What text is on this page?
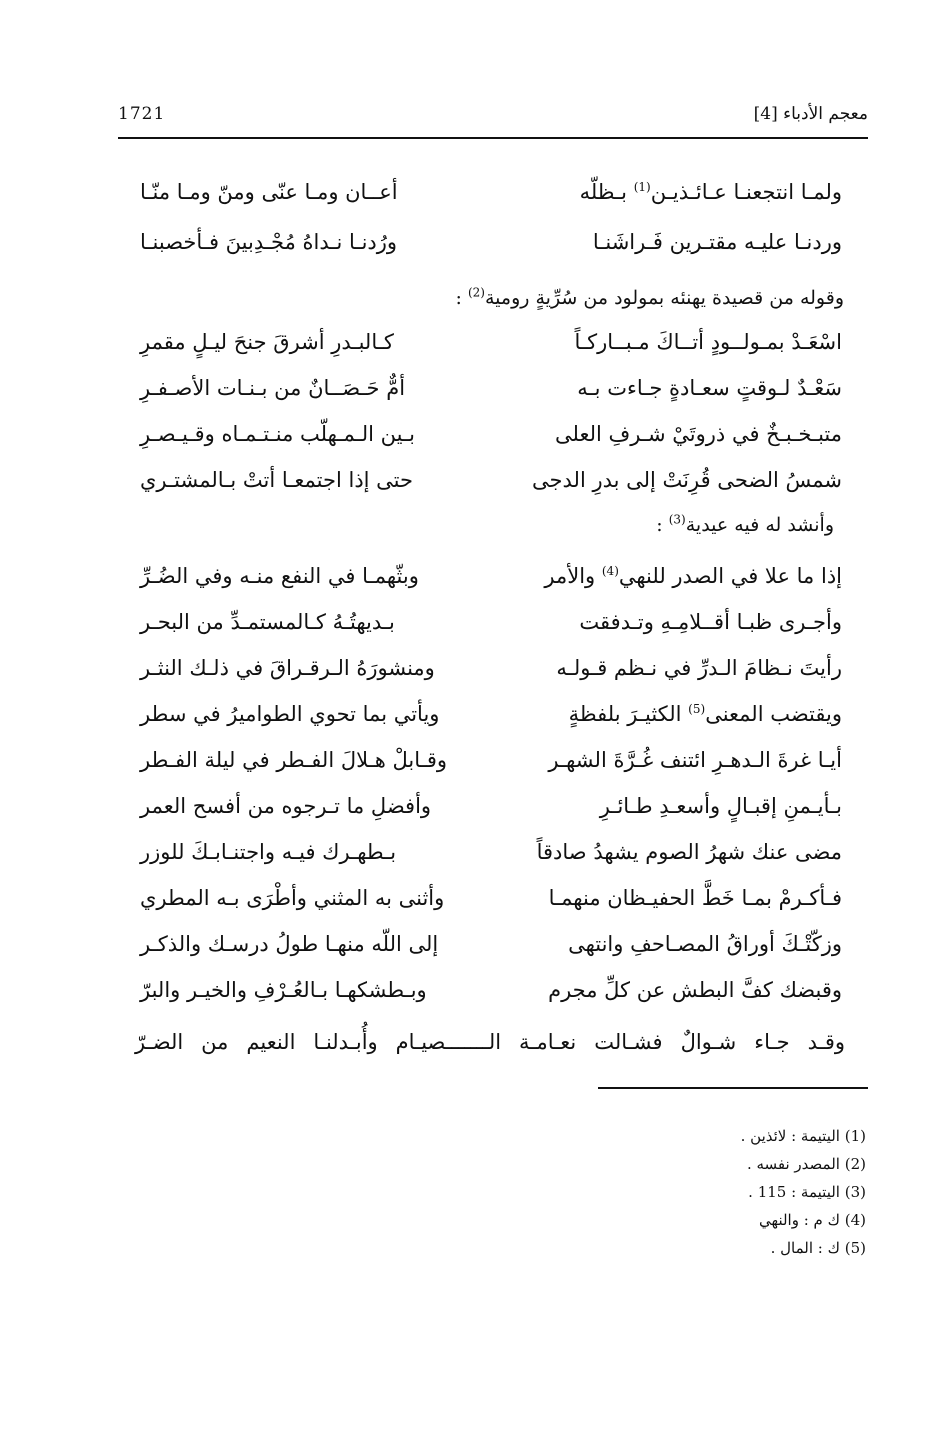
معجم الأدباء [4]
1721
ولمـا انتجعنـا عـائـذيـن$^{(1)}$ بـظلّه
أعــان ومـا عنّى ومنّ ومـا منّـا
وردنـا عليـه مقتـرين فَـراشَنـا
ورُدنـا نـداهُ مُجْـدِبينَ فـأخصبنـا
وقوله من قصيدة يهنئه بمولود من سُرِّيةٍ رومية$^{(2)}$ :
اسْعَـدْ بمـولــودٍ أتــاكَ مـبــاركـاً
كـالبـدرِ أشرقَ جنحَ ليـلٍ مقمرِ
سَعْـدٌ لـوقتٍ سعـادةٍ جـاءت بـه
أمٌّ حَـصَــانٌ من بـنـات الأصـفـرِ
متبـخـبـخٌ في ذروتَيْ شـرفِ العلى
بـين الـمـهلّب منـتـمـاه وقـيـصـرِ
شمسُ الضحى قُرِنَتْ إلى بدرِ الدجى
حتى إذا اجتمعـا أتتْ بـالمشتـري
وأنشد له فيه عيدية$^{(3)}$ :
إذا ما علا في الصدر للنهي$^{(4)}$ والأمر
وبثّهمـا في النفع منـه وفي الضُـرِّ
وأجـرى ظبـا أقــلامِـهِ وتـدفقت
بـديهتُـهُ كـالمستمـدِّ من البحـر
رأيتَ نـظامَ الـدرِّ في نـظم قـولـه
ومنشورَهُ الـرقـراقَ في ذلـك النثـر
ويقتضب المعنى$^{(5)}$ الكثيـرَ بلفظةٍ
ويأتي بما تحوي الطواميرُ في سطر
أيـا غرةَ الـدهـرِ ائتنف غُـرَّةَ الشهـر
وقـابلْ هـلالَ الفـطر في ليلة الفـطر
بـأيـمنِ إقبـالٍ وأسعـدِ طـائـرِ
وأفضلِ ما تـرجوه من أفسح العمر
مضى عنك شهرُ الصوم يشهدُ صادقاً
بـطهـرك فيـه واجتنـابـكَ للوزر
فـأكـرمْ بمـا خَطَّ الحفيـظان منهمـا
وأثنى به المثني وأطْرَى بـه المطري
وزكّتْـكَ أوراقُ المصـاحفِ وانتهى
إلى اللّه منهـا طولُ درسـك والذكـر
وقبضك كفَّ البطش عن كلِّ مجرم
وبـطشكهـا بـالعُـرْفِ والخيـر والبرّ
وقـد جـاء شـوالٌ فشـالت نعـامـة الـــــــصيـام وأُبـدلنـا النعيم من الضـرّ
(1) اليتيمة : لائذين .
(2) المصدر نفسه .
(3) اليتيمة : 115 .
(4) ك م : والنهي
(5) ك : المال .
